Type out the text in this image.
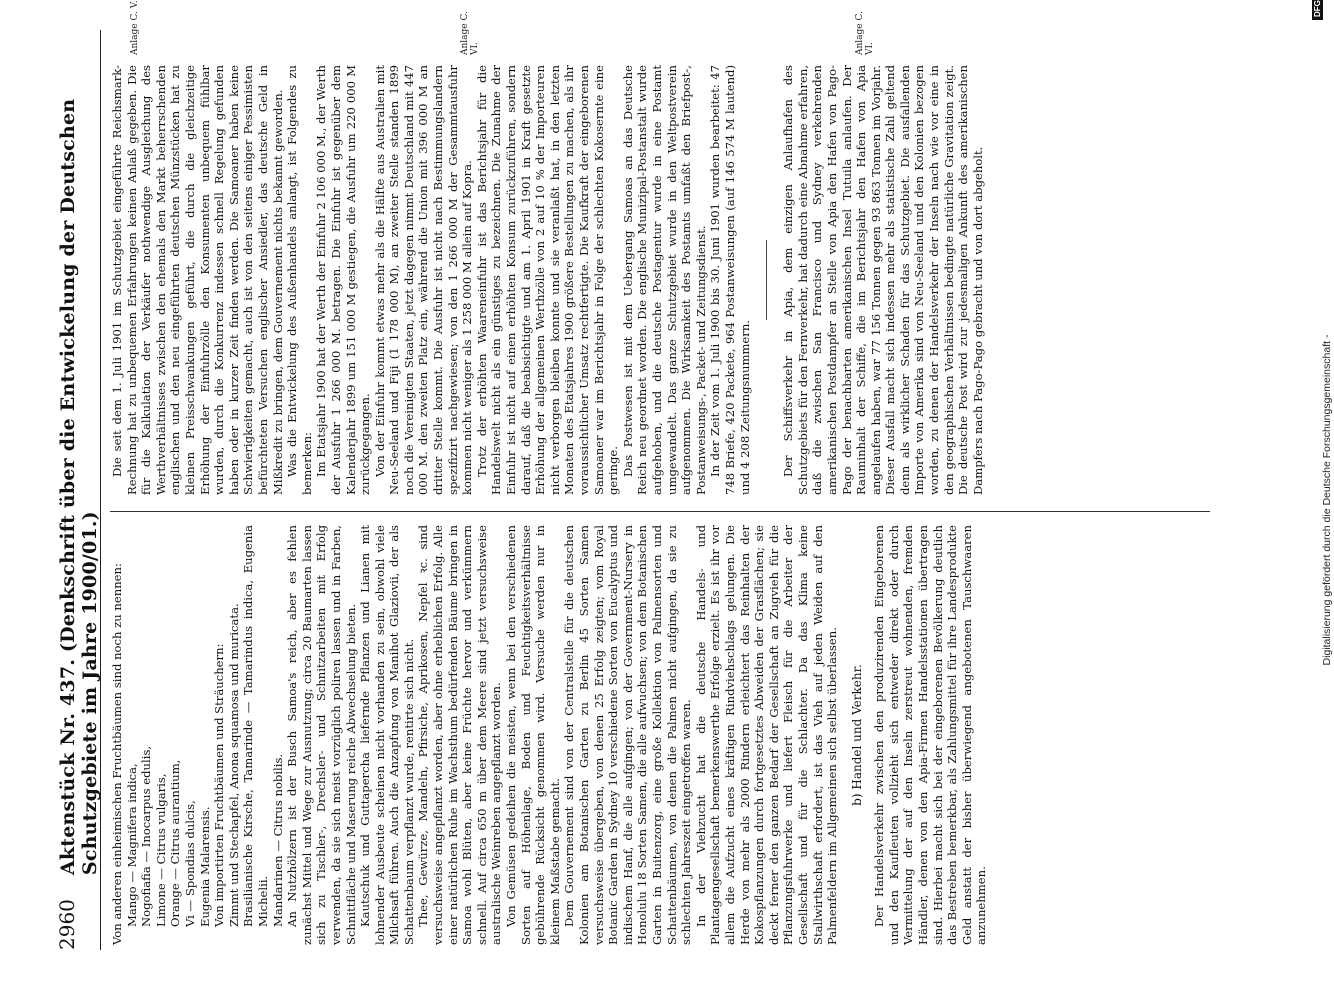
2960
Aktenstück Nr. 437. (Denkschrift über die Entwickelung der Deutschen Schutzgebiete im Jahre 1900/01.) Von anderen einheimischen Fruchtbäumen sind noch zu nennen: Mango — Magnifera indica, Nogofiafia — Inocarpus edulis, Limone — Citrus vulgaris, Orange — Citrus aurantium, Vi — Spondias dulcis, Eugenia Malarensis. Von importirten Fruchtbäumen und Sträuchern: Zimmt und Stechapfel, Anona squamosa und muricata. Brasilianische Kirsche, Tamarinde — Tamarindus indica, Eugenia Michelii. Mandarinen — Citrus nobilis. An Nutzhölzern ist der Busch Samoa's reich, aber es fehlen zunächst Mittel und Wege zur Ausnutzung; circa 20 Baumarten lassen sich zu Tischler-, Drechsler- und Schnitzarbeiten mit Erfolg verwenden, da sie sich meist vorzüglich poliren lassen und in Farben, Schnittfläche und Maserung reiche Abwechselung bieten. Kautschuk und Guttapercha liefernde Pflanzen und Lianen mit lohnender Ausbeute scheinen nicht vorhanden zu sein, obwohl viele Milchsaft führen. Auch die Anzapfung von Manihot Glaziovii, der als Schattenbaum verpflanzt wurde, rentirte sich nicht. Thee, Gewürze, Mandeln, Pfirsiche, Aprikosen, Nepfel ꝛc. sind versuchsweise angepflanzt worden, aber ohne erheblichen Erfolg. Alle einer natürlichen Ruhe im Wachsthum bedürfenden Bäume bringen in Samoa wohl Blüten, aber keine Früchte hervor und verkümmern schnell. Auf circa 650 m über dem Meere sind jetzt versuchsweise australische Weinreben angepflanzt worden. Von Gemüsen gedeihen die meisten, wenn bei den verschiedenen Sorten auf Höhenlage, Boden und Feuchtigkeitsverhältnisse gebührende Rücksicht genommen wird. Versuche werden nur in kleinem Maßstabe gemacht. Dem Gouvernement sind von der Centralstelle für die deutschen Kolonien am Botanischen Garten zu Berlin 45 Sorten Samen versuchsweise übergeben, von denen 25 Erfolg zeigten; vom Royal Botanic Garden in Sydney 10 verschiedene Sorten von Eucalyptus und indischem Hanf, die alle aufgingen; von der Government-Nursery in Honolulu 18 Sorten Samen, die alle aufwuchsen; von dem Botanischen Garten in Buitenzorg, eine große Kollektion von Palmensorten und Schattenbäumen, von denen die Palmen nicht aufgingen, da sie zu schlechten Jahreszeit eingetroffen waren. In der Viehzucht hat die deutsche Handels- und Plantagengesellschaft bemerkenswerthe Erfolge erzielt. Es ist ihr vor allem die Aufzucht eines kräftigen Rindviehschlags gelungen. Die Herde von mehr als 2000 Rindern erleichtert das Reinhalten der Kokospflanzungen durch fortgesetztes Abweiden der Grasflächen; sie deckt ferner den ganzen Bedarf der Gesellschaft an Zugvieh für die Pflanzungsfuhrwerke und liefert Fleisch für die Arbeiter der Gesellschaft und für die Schlachter. Da das Klima keine Stallwirthschaft erfordert, ist das Vieh auf jeden Weiden auf den Palmenfeldern im Allgemeinen sich selbst überlassen. b) Handel und Verkehr. Der Handelsverkehr zwischen den produzirenden Eingeborenen und den Kaufleuten vollzieht sich entweder direkt oder durch Vermittelung der auf den Inseln zerstreut wohnenden, fremden Händler, denen von den Apia-Firmen Handelsstationen übertragen sind. Hierbei macht sich bei der eingeborenen Bevölkerung deutlich das Bestreben bemerkbar, als Zahlungsmittel für ihre Landesprodukte Geld anstatt der bisher überwiegend angebotenen Tauschwaaren anzunehmen.

Die seit dem 1. Juli 1901 im Schutzgebiet eingeführte Reichsmark-Rechnung hat zu unbequemen Erfahrungen keinen Anlaß gegeben. Die für die Kalkulation der Verkäufer nothwendige Ausgleichung des Werthverhältnisses zwischen den ehemals den Markt beherrschenden englischen und den neu eingeführten deutschen Münzstücken hat zu kleinen Preisschwankungen geführt, die durch die gleichzeitige Erhöhung der Einfuhrzölle den Konsumenten unbequem fühlbar wurden, durch die Konkurrenz indessen schnell Regelung gefunden haben oder in kurzer Zeit finden werden. Die Samoaner haben keine Schwierigkeiten gemacht, auch ist von den seitens einiger Pessimisten befürchteten Versuchen englischer Ansiedler, das deutsche Geld in Mißkredit zu bringen, dem Gouvernement nichts bekannt geworden. Was die Entwickelung des Außenhandels anlangt, ist Folgendes zu bemerken: Im Etatsjahr 1900 hat der Werth der Einfuhr 2 106 000 M., der Werth der Ausfuhr 1 266 000 M. betragen. Die Einfuhr ist gegenüber dem Kalenderjahr 1899 um 151 000 M gestiegen, die Ausfuhr um 220 000 M zurückgegangen. Von der Einfuhr kommt etwas mehr als die Hälfte aus Australien mit Neu-Seeland und Fiji (1 178 000 M), an zweiter Stelle standen 1899 noch die Vereinigten Staaten, jetzt dagegen nimmt Deutschland mit 447 000 M. den zweiten Platz ein, während die Union mit 396 000 M an dritter Stelle kommt. Die Ausfuhr ist nicht nach Bestimmungslandern spezifizirt nachgewiesen; von den 1 266 000 M der Gesammtausfuhr kommen nicht weniger als 1 258 000 M allein auf Kopra. Trotz der erhöhten Waareneinfuhr ist das Berichtsjahr für die Handelswelt nicht als ein günstiges zu bezeichnen. Die Zunahme der Einfuhr ist nicht auf einen erhöhten Konsum zurückzuführen, sondern darauf, daß die beabsichtigte und am 1. April 1901 in Kraft gesetzte Erhöhung der allgemeinen Werthzölle von 2 auf 10 % der Importeuren nicht verborgen bleiben konnte und sie veranlaßt hat, in den letzten Monaten des Etatsjahres 1900 größere Bestellungen zu machen, als ihr voraussichtlicher Umsatz rechtfertigte. Die Kaufkraft der eingeborenen Samoaner war im Berichtsjahr in Folge der schlechten Kokosernte eine geringe. Das Postwesen ist mit dem Uebergang Samoas an das Deutsche Reich neu geordnet worden. Die englische Munizipal-Postanstalt wurde aufgehoben, und die deutsche Postagentur wurde in eine Postamt umgewandelt. Das ganze Schutzgebiet wurde in den Weltpostverein aufgenommen. Die Wirksamkeit des Postamts umfaßt den Briefpost-, Postanweisungs-, Packet- und Zeitungsdienst. In der Zeit vom 1. Juli 1900 bis 30. Juni 1901 wurden bearbeitet: 47 748 Briefe, 420 Packete, 964 Postanweisungen (auf 146 574 M lautend) und 4 208 Zeitungsnummern.	Der Schiffsverkehr in Apia, dem einzigen Anlaufhafen des Schutzgebiets für den Fernverkehr, hat dadurch eine Abnahme erfahren, daß die zwischen San Francisco und Sydney verkehrenden amerikanischen Postdampfer an Stelle von Apia den Hafen von Pago-Pago der benachbarten amerikanischen Insel Tutuila anlaufen. Der Rauminhalt der Schiffe, die im Berichtsjahr den Hafen von Apia angelaufen haben, war 77 156 Tonnen gegen 93 863 Tonnen im Vorjahr. Dieser Ausfall macht sich indessen mehr als statistische Zahl geltend denn als wirklicher Schaden für das Schutzgebiet. Die ausfallenden Importe von Amerika sind von Neu-Seeland und den Kolonien bezogen worden, zu denen der Handelsverkehr der Inseln nach wie vor eine in den geographischen Verhältnissen bedingte natürliche Gravitation zeigt. Die deutsche Post wird zur jedesmaligen Ankunft des amerikanischen Dampfers nach Pago-Pago gebracht und von dort abgeholt.

Anlage C. V.	Anlage C. VI.	Anlage C. VI.
Digitalisierung gefördert durch die Deutsche Forschungsgemeinschaft -
DFG
